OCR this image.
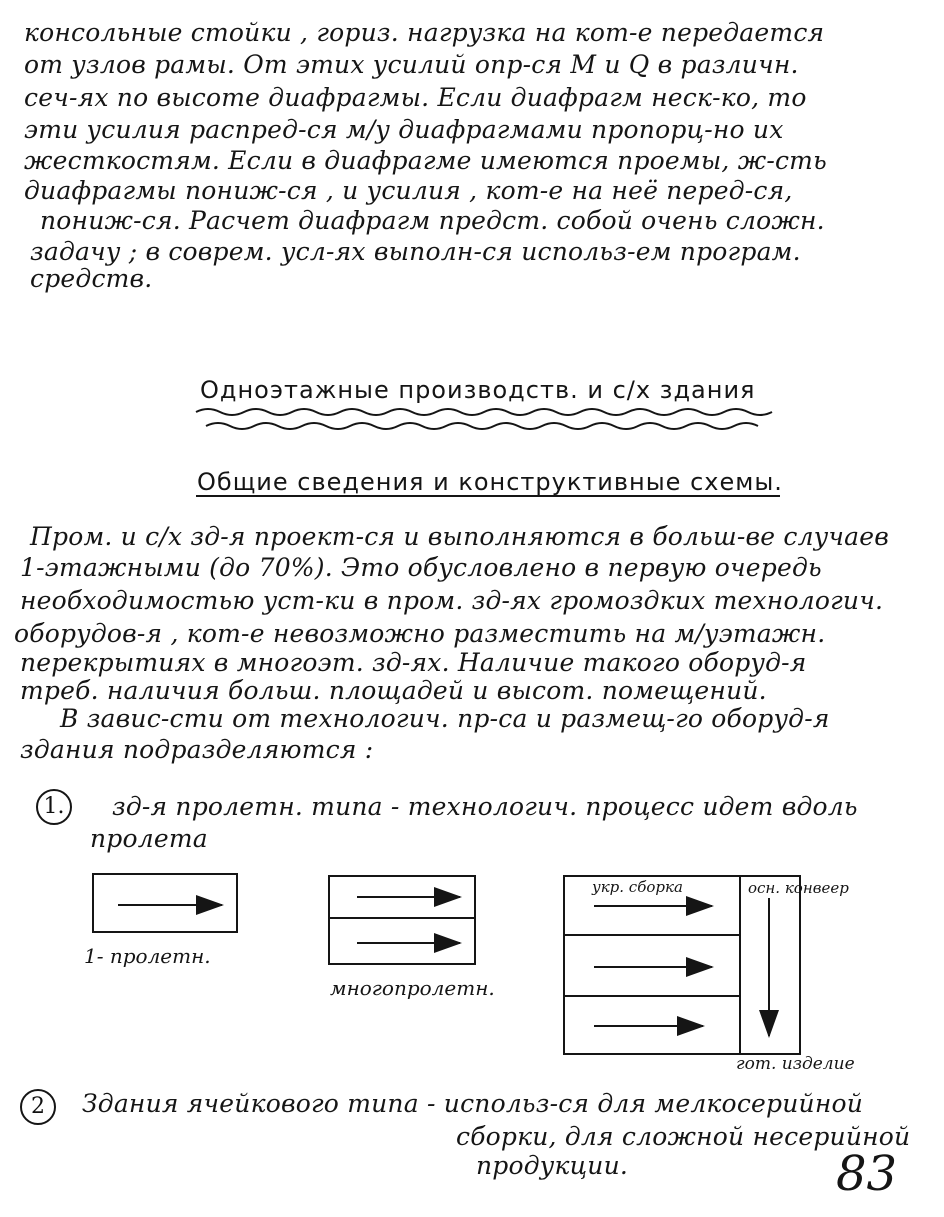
консольные стойки , гориз. нагрузка на кот-е передается
от узлов рамы. От этих усилий опр-ся M и Q в различн.
сеч-ях по высоте диафрагмы. Если диафрагм неск-ко, то
эти усилия распред-ся м/у диафрагмами пропорц-но их
жесткостям. Если в диафрагме имеются проемы, ж-сть
диафрагмы пониж-ся , и усилия , кот-е на неё перед-ся,
пониж-ся. Расчет диафрагм предст. собой очень сложн.
задачу ; в соврем. усл-ях выполн-ся использ-ем програм.
средств.
Одноэтажные производств. и с/х здания
Общие сведения и конструктивные схемы.
Пром. и с/х зд-я проект-ся и выполняются в больш-ве случаев
1-этажными (до 70%). Это обусловлено в первую очередь
необходимостью уст-ки в пром. зд-ях громоздких технологич.
оборудов-я , кот-е невозможно разместить на м/уэтажн.
перекрытиях в многоэт. зд-ях. Наличие такого оборуд-я
треб. наличия больш. площадей и высот. помещений.
В завис-сти от технологич. пр-са и размещ-го оборуд-я
здания подразделяются :
1.	зд-я пролетн. типа - технологич. процесс идет вдоль
пролета
1- пролетн.
многопролетн.
укр. сборка	осн. конвеер
гот. изделие
2	Здания ячейкового типа - использ-ся для мелкосерийной
сборки, для сложной несерийной
продукции.	83
